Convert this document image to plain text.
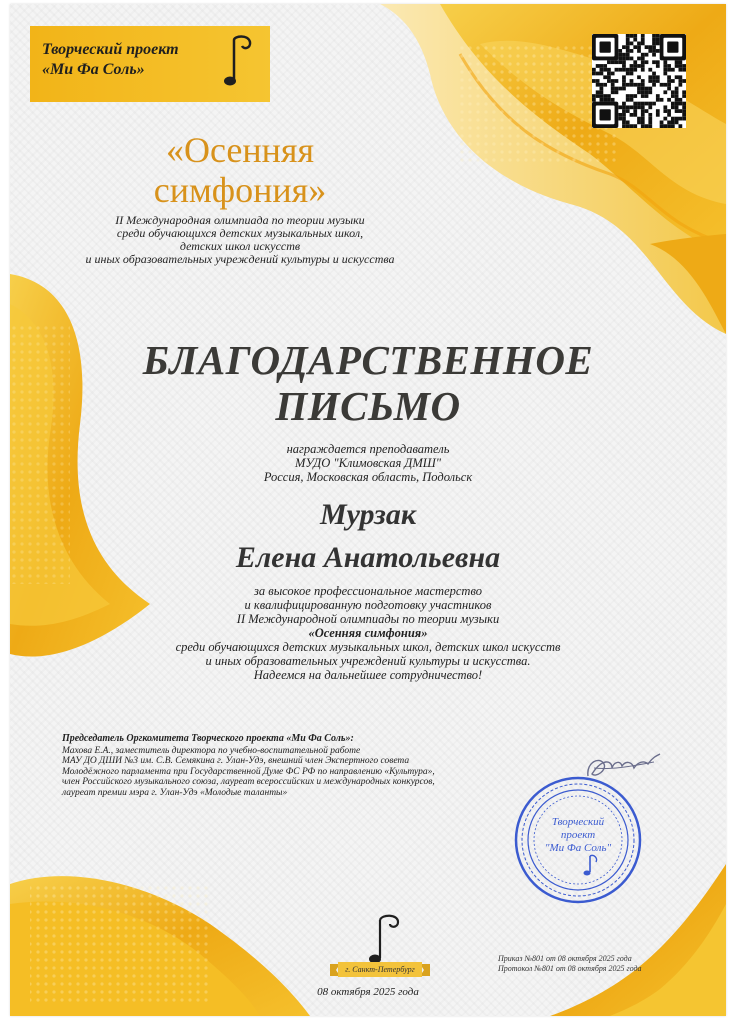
Творческий проект
«Ми Фа Соль»
«Осенняя
симфония»
II Международная олимпиада по теории музыки
среди обучающихся детских музыкальных школ,
детских школ искусств
и иных образовательных учреждений культуры и искусства
БЛАГОДАРСТВЕННОЕ
ПИСЬМО
награждается преподаватель
МУДО "Климовская ДМШ"
Россия, Московская область, Подольск
Мурзак
Елена Анатольевна
за высокое профессиональное мастерство
и квалифицированную подготовку участников
II Международной олимпиады по теории музыки
«Осенняя симфония»
среди обучающихся детских музыкальных школ, детских школ искусств
и иных образовательных учреждений культуры и искусства.
Надеемся на дальнейшее сотрудничество!
Председатель Оргкомитета Творческого проекта «Ми Фа Соль»:
Махова Е.А., заместитель директора по учебно-воспитательной работе
МАУ ДО ДШИ №3 им. С.В. Семякина г. Улан-Удэ, внешний член Экспертного совета
Молодёжного парламента при Государственной Думе ФС РФ по направлению «Культура»,
член Российского музыкального союза, лауреат всероссийских и международных конкурсов,
лауреат премии мэра г. Улан-Удэ «Молодые таланты»
Творческий
проект
"Ми Фа Соль"
г. Санкт-Петербург
08 октября 2025 года
Приказ №801 от 08 октября 2025 года
Протокол №801 от 08 октября 2025 года
